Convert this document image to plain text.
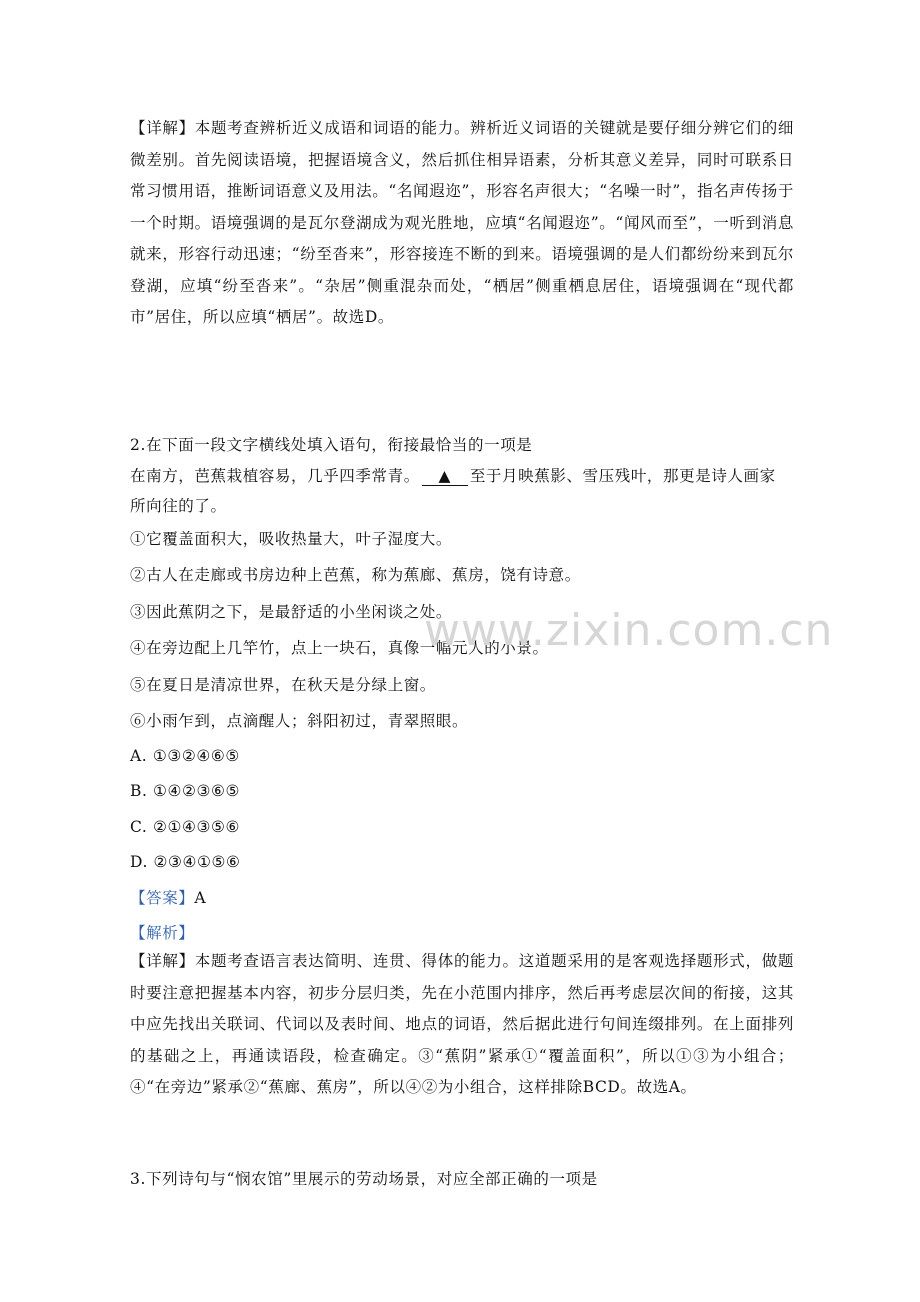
【详解】本题考查辨析近义成语和词语的能力。辨析近义词语的关键就是要仔细分辨它们的细微差别。首先阅读语境，把握语境含义，然后抓住相异语素，分析其意义差异，同时可联系日常习惯用语，推断词语意义及用法。“名闻遐迩”，形容名声很大；“名噪一时”，指名声传扬于一个时期。语境强调的是瓦尔登湖成为观光胜地，应填“名闻遐迩”。“闻风而至”，一听到消息就来，形容行动迅速；“纷至沓来”，形容接连不断的到来。语境强调的是人们都纷纷来到瓦尔登湖，应填“纷至沓来”。“杂居”侧重混杂而处，“栖居”侧重栖息居住，语境强调在“现代都市”居住，所以应填“栖居”。故选D。
2.在下面一段文字横线处填入语句，衔接最恰当的一项是
在南方，芭蕉栽植容易，几乎四季常青。 ▲ 至于月映蕉影、雪压残叶，那更是诗人画家
所向往的了。
①它覆盖面积大，吸收热量大，叶子湿度大。
②古人在走廊或书房边种上芭蕉，称为蕉廊、蕉房，饶有诗意。
③因此蕉阴之下，是最舒适的小坐闲谈之处。
④在旁边配上几竿竹，点上一块石，真像一幅元人的小景。
⑤在夏日是清凉世界，在秋天是分绿上窗。
⑥小雨乍到，点滴醒人；斜阳初过，青翠照眼。
A. ①③②④⑥⑤
B. ①④②③⑥⑤
C. ②①④③⑤⑥
D. ②③④①⑤⑥
【答案】A
【解析】
【详解】本题考查语言表达简明、连贯、得体的能力。这道题采用的是客观选择题形式，做题时要注意把握基本内容，初步分层归类，先在小范围内排序，然后再考虑层次间的衔接，这其中应先找出关联词、代词以及表时间、地点的词语，然后据此进行句间连缀排列。在上面排列的基础之上，再通读语段，检查确定。③“蕉阴”紧承①“覆盖面积”，所以①③为小组合；④“在旁边”紧承②“蕉廊、蕉房”，所以④②为小组合，这样排除BCD。故选A。
3.下列诗句与“悯农馆”里展示的劳动场景，对应全部正确的一项是
www.zixin.com.cn
